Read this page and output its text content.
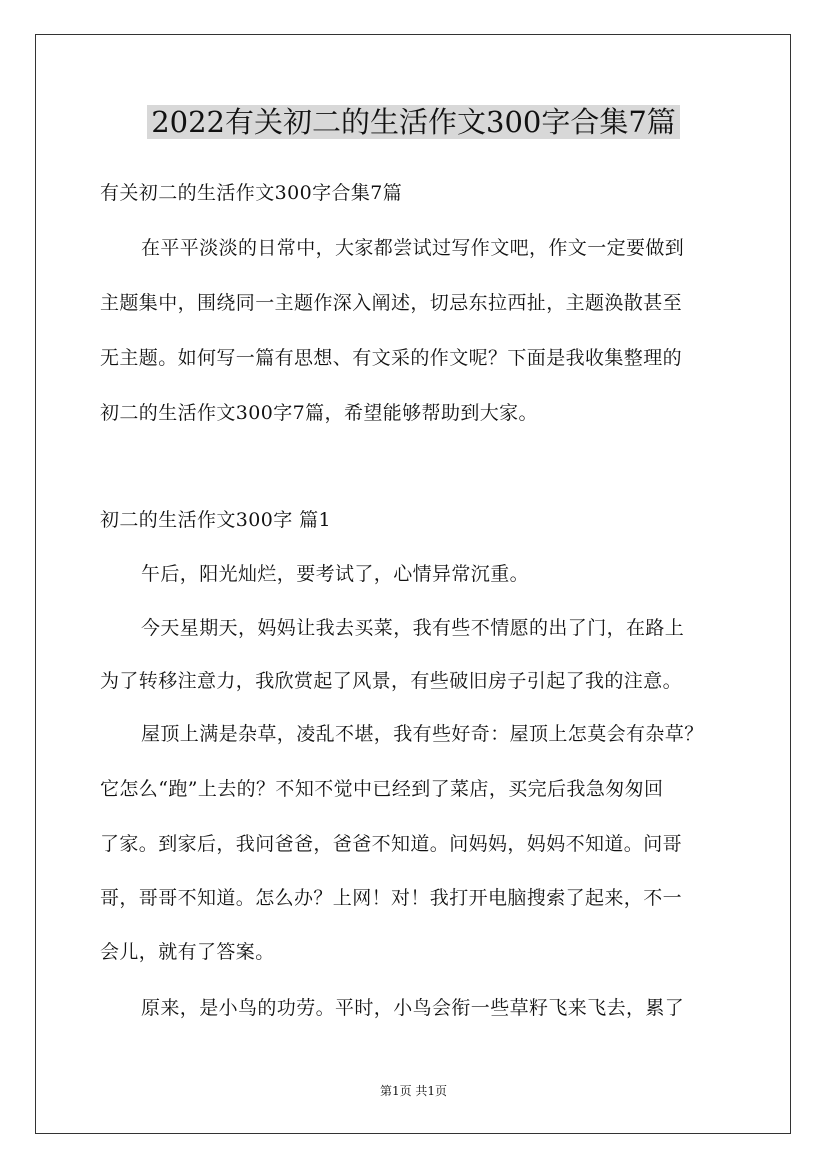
2022有关初二的生活作文300字合集7篇
有关初二的生活作文300字合集7篇
在平平淡淡的日常中，大家都尝试过写作文吧，作文一定要做到
主题集中，围绕同一主题作深入阐述，切忌东拉西扯，主题涣散甚至
无主题。如何写一篇有思想、有文采的作文呢？下面是我收集整理的
初二的生活作文300字7篇，希望能够帮助到大家。
初二的生活作文300字 篇1
午后，阳光灿烂，要考试了，心情异常沉重。
今天星期天，妈妈让我去买菜，我有些不情愿的出了门，在路上
为了转移注意力，我欣赏起了风景，有些破旧房子引起了我的注意。
屋顶上满是杂草，凌乱不堪，我有些好奇：屋顶上怎莫会有杂草？
它怎么“跑”上去的？不知不觉中已经到了菜店，买完后我急匆匆回
了家。到家后，我问爸爸，爸爸不知道。问妈妈，妈妈不知道。问哥
哥，哥哥不知道。怎么办？上网！对！我打开电脑搜索了起来，不一
会儿，就有了答案。
原来，是小鸟的功劳。平时，小鸟会衔一些草籽飞来飞去，累了
第1页 共1页
